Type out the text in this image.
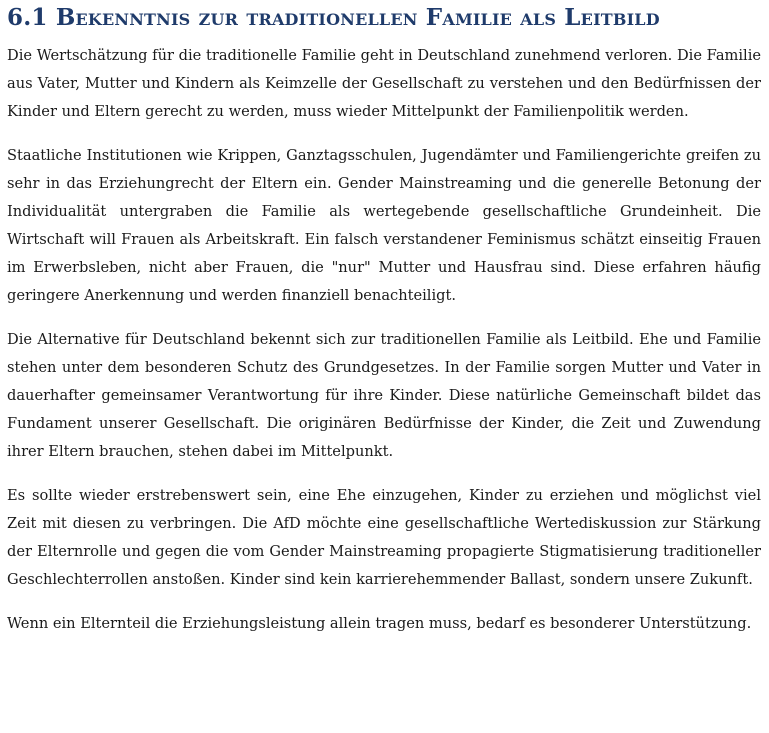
6.1 Bekenntnis zur traditionellen Familie als Leitbild

Die Wertschätzung für die traditionelle Familie geht in Deutschland zunehmend verloren. Die Familie aus Vater, Mutter und Kindern als Keimzelle der Gesellschaft zu verstehen und den Bedürfnissen der Kinder und Eltern gerecht zu werden, muss wieder Mittelpunkt der Familienpolitik werden.

Staatliche Institutionen wie Krippen, Ganztagsschulen, Jugendämter und Familiengerichte greifen zu sehr in das Erziehungrecht der Eltern ein. Gender Mainstreaming und die generelle Betonung der Individualität untergraben die Familie als wertegebende gesellschaftliche Grundeinheit. Die Wirtschaft will Frauen als Arbeitskraft. Ein falsch verstandener Feminismus schätzt einseitig Frauen im Erwerbsleben, nicht aber Frauen, die "nur" Mutter und Hausfrau sind. Diese erfahren häufig geringere Anerkennung und werden finanziell benachteiligt.

Die Alternative für Deutschland bekennt sich zur traditionellen Familie als Leitbild. Ehe und Familie stehen unter dem besonderen Schutz des Grundgesetzes. In der Familie sorgen Mutter und Vater in dauerhafter gemeinsamer Verantwortung für ihre Kinder. Diese natürliche Gemeinschaft bildet das Fundament unserer Gesellschaft. Die originären Bedürfnisse der Kinder, die Zeit und Zuwendung ihrer Eltern brauchen, stehen dabei im Mittelpunkt.

Es sollte wieder erstrebenswert sein, eine Ehe einzugehen, Kinder zu erziehen und möglichst viel Zeit mit diesen zu verbringen. Die AfD möchte eine gesellschaftliche Wertediskussion zur Stärkung der Elternrolle und gegen die vom Gender Mainstreaming propagierte Stigmatisierung traditioneller Geschlechterrollen anstoßen. Kinder sind kein karrierehemmender Ballast, sondern unsere Zukunft.

Wenn ein Elternteil die Erziehungsleistung allein tragen muss, bedarf es besonderer Unterstützung.
